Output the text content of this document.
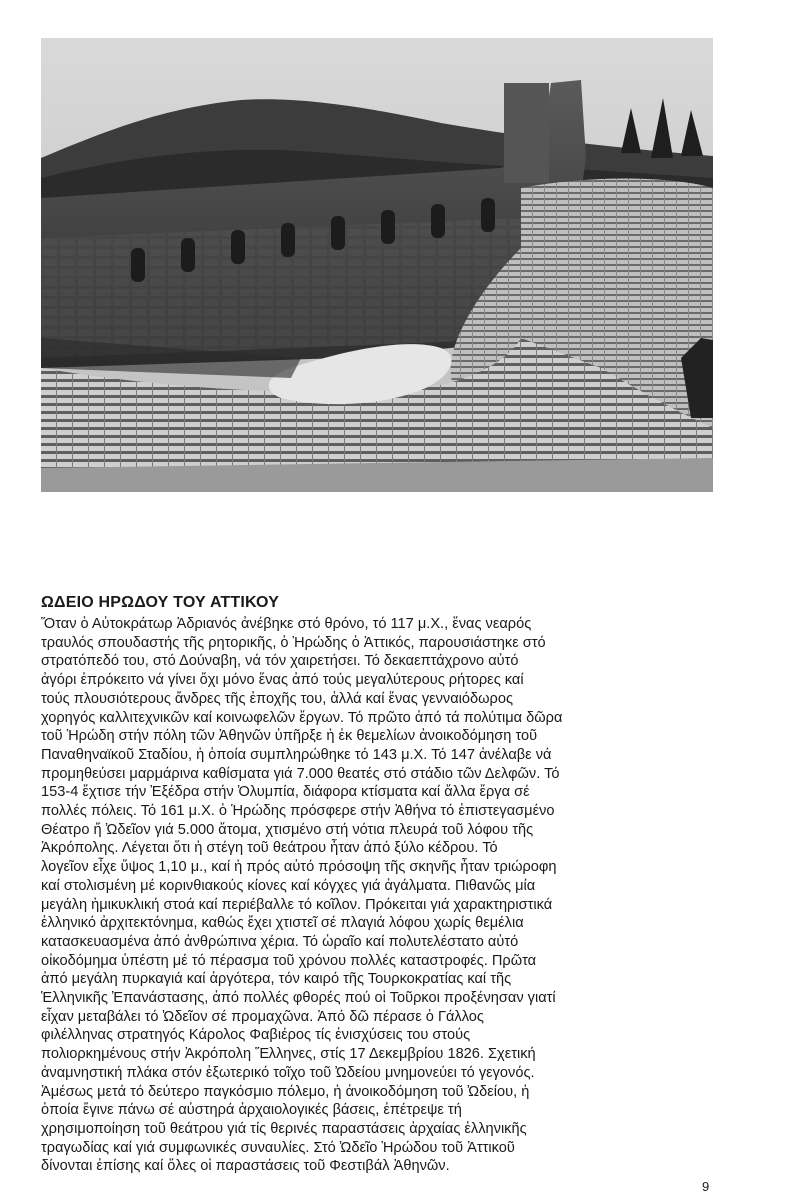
ΩΔΕΙΟ ΗΡΩΔΟΥ ΤΟΥ ΑΤΤΙΚΟΥ
Ὅταν ὁ Αὐτοκράτωρ Ἀδριανός ἀνέβηκε στό θρόνο, τό 117 μ.Χ., ἕνας νεαρός
τραυλός σπουδαστής τῆς ρητορικῆς, ὁ Ἡρώδης ὁ Ἀττικός, παρουσιάστηκε στό
στρατόπεδό του, στό Δούναβη, νά τόν χαιρετήσει. Τό δεκαεπτάχρονο αὐτό
ἀγόρι ἐπρόκειτο νά γίνει ὄχι μόνο ἕνας ἀπό τούς μεγαλύτερους ρήτορες καί
τούς πλουσιότερους ἄνδρες τῆς ἐποχῆς του, ἀλλά καί ἕνας γενναιόδωρος
χορηγός καλλιτεχνικῶν καί κοινωφελῶν ἔργων. Τό πρῶτο ἀπό τά πολύτιμα δῶρα
τοῦ Ἡρώδη στήν πόλη τῶν Ἀθηνῶν ὑπῆρξε ἡ ἐκ θεμελίων ἀνοικοδόμηση τοῦ
Παναθηναϊκοῦ Σταδίου, ἡ ὁποία συμπληρώθηκε τό 143 μ.Χ. Τό 147 ἀνέλαβε νά
προμηθεύσει μαρμάρινα καθίσματα γιά 7.000 θεατές στό στάδιο τῶν Δελφῶν. Τό
153-4 ἔχτισε τήν Ἐξέδρα στήν Ὀλυμπία, διάφορα κτίσματα καί ἄλλα ἔργα σέ
πολλές πόλεις. Τό 161 μ.Χ. ὁ Ἡρώδης πρόσφερε στήν Ἀθήνα τό ἐπιστεγασμένο
Θέατρο ἤ Ὠδεῖον γιά 5.000 ἄτομα, χτισμένο στή νότια πλευρά τοῦ λόφου τῆς
Ἀκρόπολης. Λέγεται ὅτι ἡ στέγη τοῦ θεάτρου ἦταν ἀπό ξύλο κέδρου. Τό
λογεῖον εἶχε ὕψος 1,10 μ., καί ἡ πρός αὐτό πρόσοψη τῆς σκηνῆς ἦταν τριώροφη
καί στολισμένη μέ κορινθιακούς κίονες καί κόγχες γιά ἀγάλματα. Πιθανῶς μία
μεγάλη ἡμικυκλική στοά καί περιέβαλλε τό κοῖλον. Πρόκειται γιά χαρακτηριστικά
ἑλληνικό ἀρχιτεκτόνημα, καθώς ἔχει χτιστεῖ σέ πλαγιά λόφου χωρίς θεμέλια
κατασκευασμένα ἀπό ἀνθρώπινα χέρια. Τό ὡραῖο καί πολυτελέστατο αὐτό
οἰκοδόμημα ὑπέστη μέ τό πέρασμα τοῦ χρόνου πολλές καταστροφές. Πρῶτα
ἀπό μεγάλη πυρκαγιά καί ἀργότερα, τόν καιρό τῆς Τουρκοκρατίας καί τῆς
Ἑλληνικῆς Ἐπανάστασης, ἀπό πολλές φθορές πού οἱ Τοῦρκοι προξένησαν γιατί
εἶχαν μεταβάλει τό Ὠδεῖον σέ προμαχῶνα. Ἀπό δῶ πέρασε ὁ Γάλλος
φιλέλληνας στρατηγός Κάρολος Φαβιέρος τίς ἐνισχύσεις του στούς
πολιορκημένους στήν Ἀκρόπολη Ἕλληνες, στίς 17 Δεκεμβρίου 1826. Σχετική
ἀναμνηστική πλάκα στόν ἐξωτερικό τοῖχο τοῦ Ὠδείου μνημονεύει τό γεγονός.
Ἀμέσως μετά τό δεύτερο παγκόσμιο πόλεμο, ἡ ἀνοικοδόμηση τοῦ Ὠδείου, ἡ
ὁποία ἔγινε πάνω σέ αὐστηρά ἀρχαιολογικές βάσεις, ἐπέτρεψε τή
χρησιμοποίηση τοῦ θεάτρου γιά τίς θερινές παραστάσεις ἀρχαίας ἑλληνικῆς
τραγωδίας καί γιά συμφωνικές συναυλίες. Στό Ὠδεῖο Ἡρώδου τοῦ Ἀττικοῦ
δίνονται ἐπίσης καί ὅλες οἱ παραστάσεις τοῦ Φεστιβάλ Ἀθηνῶν.
9
